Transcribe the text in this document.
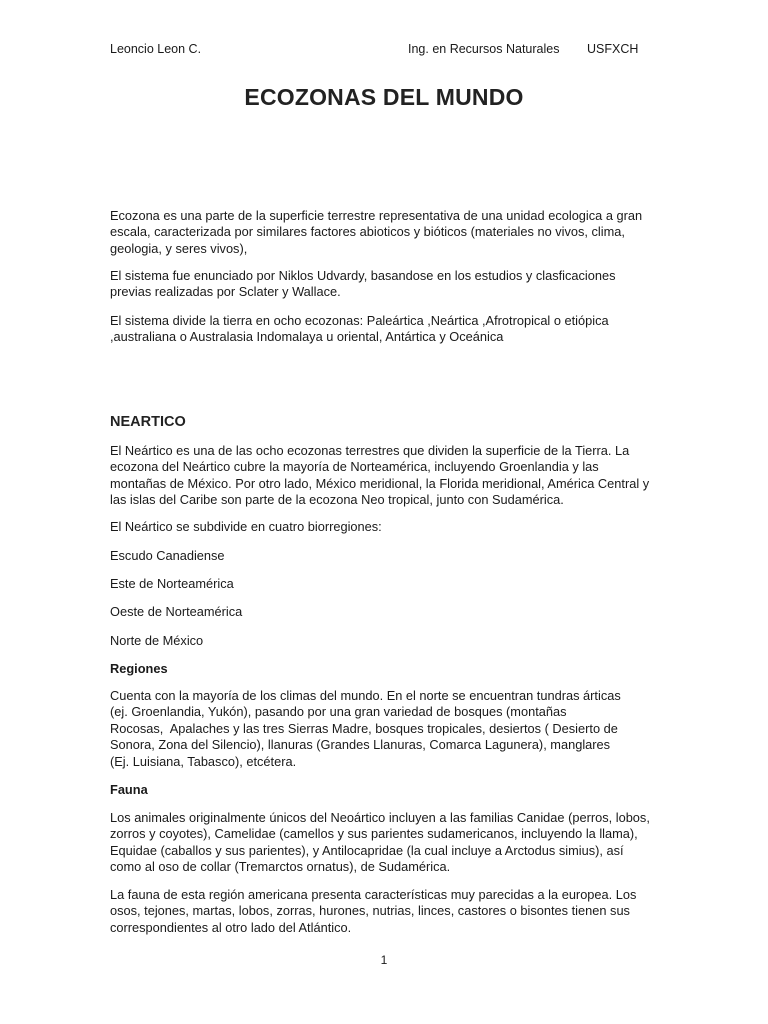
Leoncio Leon C.	Ing. en Recursos Naturales USFXCH
ECOZONAS DEL MUNDO

Ecozona es una parte de la superficie terrestre representativa de una unidad ecologica a gran
escala, caracterizada por similares factores abioticos y bióticos (materiales no vivos, clima,
geologia, y seres vivos),

El sistema fue enunciado por Niklos Udvardy, basandose en los estudios y clasficaciones
previas realizadas por Sclater y Wallace.

El sistema divide la tierra en ocho ecozonas: Paleártica ,Neártica ,Afrotropical o etiópica
,australiana o Australasia Indomalaya u oriental, Antártica y Oceánica

NEARTICO

El Neártico es una de las ocho ecozonas terrestres que dividen la superficie de la Tierra. La
ecozona del Neártico cubre la mayoría de Norteamérica, incluyendo Groenlandia y las
montañas de México. Por otro lado, México meridional, la Florida meridional, América Central y
las islas del Caribe son parte de la ecozona Neo tropical, junto con Sudamérica.

El Neártico se subdivide en cuatro biorregiones:
Escudo Canadiense
Este de Norteamérica
Oeste de Norteamérica
Norte de México
Regiones

Cuenta con la mayoría de los climas del mundo. En el norte se encuentran tundras árticas
(ej. Groenlandia, Yukón), pasando por una gran variedad de bosques (montañas
Rocosas,  Apalaches y las tres Sierras Madre, bosques tropicales, desiertos ( Desierto de
Sonora, Zona del Silencio), llanuras (Grandes Llanuras, Comarca Lagunera), manglares
(Ej. Luisiana, Tabasco), etcétera.

Fauna

Los animales originalmente únicos del Neoártico incluyen a las familias Canidae (perros, lobos,
zorros y coyotes), Camelidae (camellos y sus parientes sudamericanos, incluyendo la llama),
Equidae (caballos y sus parientes), y Antilocapridae (la cual incluye a Arctodus simius), así
como al oso de collar (Tremarctos ornatus), de Sudamérica.

La fauna de esta región americana presenta características muy parecidas a la europea. Los
osos, tejones, martas, lobos, zorras, hurones, nutrias, linces, castores o bisontes tienen sus
correspondientes al otro lado del Atlántico.

1
